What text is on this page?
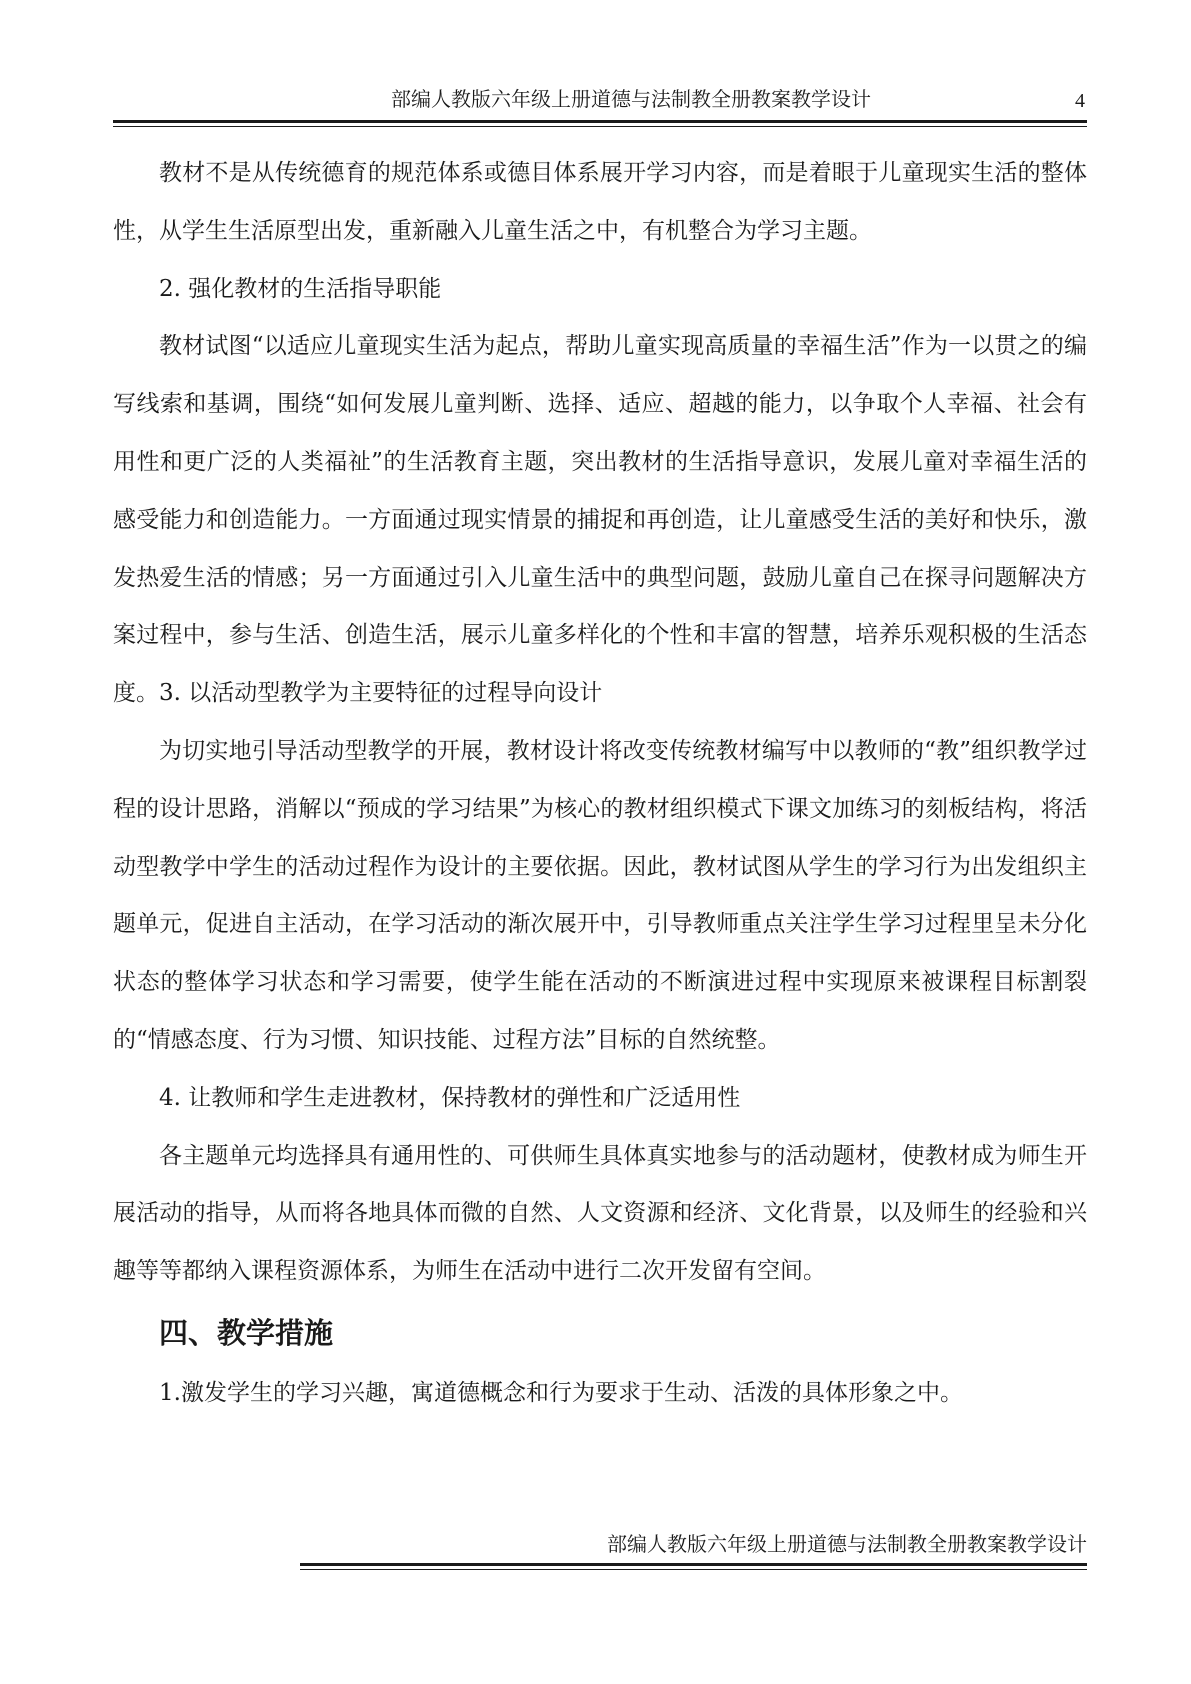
部编人教版六年级上册道德与法制教全册教案教学设计	4

教材不是从传统德育的规范体系或德目体系展开学习内容，而是着眼于儿童现实生活的整体性，从学生生活原型出发，重新融入儿童生活之中，有机整合为学习主题。

2. 强化教材的生活指导职能

教材试图“以适应儿童现实生活为起点，帮助儿童实现高质量的幸福生活”作为一以贯之的编写线索和基调，围绕“如何发展儿童判断、选择、适应、超越的能力，以争取个人幸福、社会有用性和更广泛的人类福祉”的生活教育主题，突出教材的生活指导意识，发展儿童对幸福生活的感受能力和创造能力。一方面通过现实情景的捕捉和再创造，让儿童感受生活的美好和快乐，激发热爱生活的情感；另一方面通过引入儿童生活中的典型问题，鼓励儿童自己在探寻问题解决方案过程中，参与生活、创造生活，展示儿童多样化的个性和丰富的智慧，培养乐观积极的生活态度。3. 以活动型教学为主要特征的过程导向设计

为切实地引导活动型教学的开展，教材设计将改变传统教材编写中以教师的“教”组织教学过程的设计思路，消解以“预成的学习结果”为核心的教材组织模式下课文加练习的刻板结构，将活动型教学中学生的活动过程作为设计的主要依据。因此，教材试图从学生的学习行为出发组织主题单元，促进自主活动，在学习活动的渐次展开中，引导教师重点关注学生学习过程里呈未分化状态的整体学习状态和学习需要，使学生能在活动的不断演进过程中实现原来被课程目标割裂的“情感态度、行为习惯、知识技能、过程方法”目标的自然统整。

4. 让教师和学生走进教材，保持教材的弹性和广泛适用性

各主题单元均选择具有通用性的、可供师生具体真实地参与的活动题材，使教材成为师生开展活动的指导，从而将各地具体而微的自然、人文资源和经济、文化背景，以及师生的经验和兴趣等等都纳入课程资源体系，为师生在活动中进行二次开发留有空间。

四、教学措施

1.激发学生的学习兴趣，寓道德概念和行为要求于生动、活泼的具体形象之中。

部编人教版六年级上册道德与法制教全册教案教学设计
